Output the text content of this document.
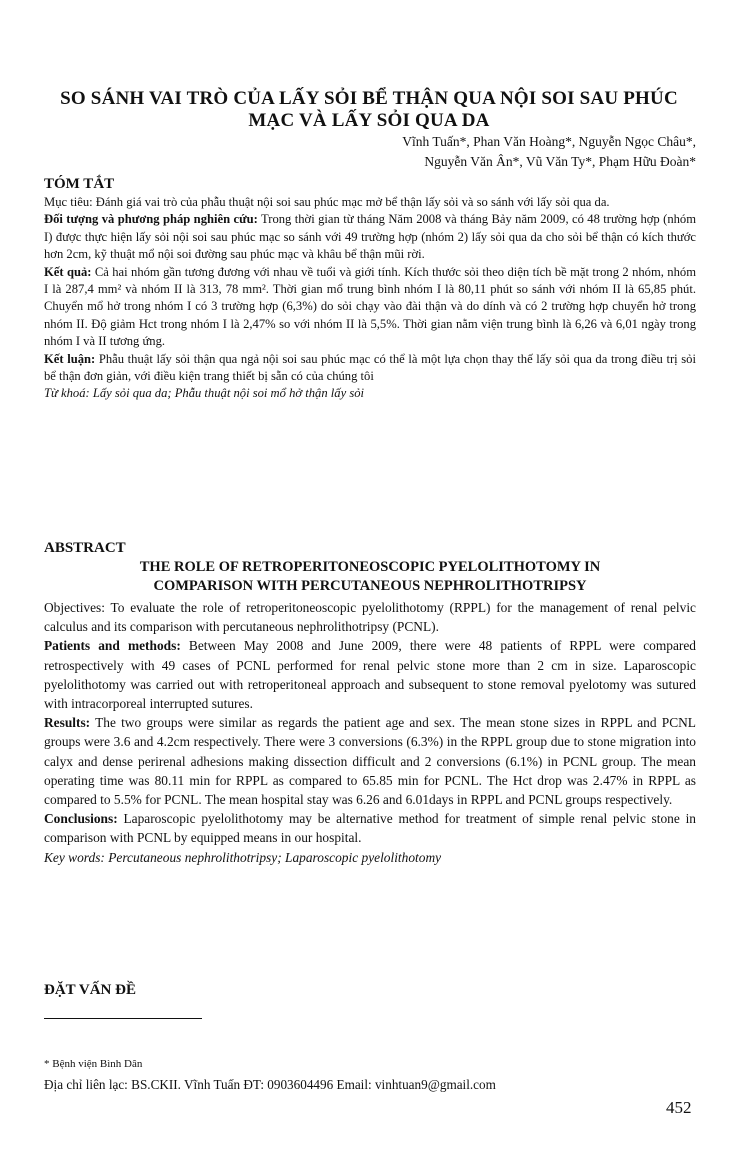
SO SÁNH VAI TRÒ CỦA LẤY SỎI BỂ THẬN QUA NỘI SOI SAU PHÚC
MẠC VÀ LẤY SỎI QUA DA
Vĩnh Tuấn*, Phan Văn Hoàng*, Nguyễn Ngọc Châu*,
Nguyễn Văn Ân*, Vũ Văn Ty*, Phạm Hữu Đoàn*
TÓM TẮT

Mục tiêu: Đánh giá vai trò của phẫu thuật nội soi sau phúc mạc mở bể thận lấy sỏi và so sánh với lấy sỏi qua da.

Đối tượng và phương pháp nghiên cứu: Trong thời gian từ tháng Năm 2008 và tháng Bảy năm 2009, có 48 trường hợp (nhóm I) được thực hiện lấy sỏi nội soi sau phúc mạc so sánh với 49 trường hợp (nhóm 2) lấy sỏi qua da cho sỏi bể thận có kích thước hơn 2cm, kỹ thuật mổ nội soi đường sau phúc mạc và khâu bể thận mũi rời.

Kết quả: Cả hai nhóm gần tương đương với nhau về tuổi và giới tính. Kích thước sỏi theo diện tích bề mặt trong 2 nhóm, nhóm I là 287,4 mm² và nhóm II là 313, 78 mm². Thời gian mổ trung bình nhóm I là 80,11 phút so sánh với nhóm II là 65,85 phút. Chuyển mổ hở trong nhóm I có 3 trường hợp (6,3%) do sỏi chạy vào đài thận và do dính và có 2 trường hợp chuyển hở trong nhóm II. Độ giảm Hct trong nhóm I là 2,47% so với nhóm II là 5,5%. Thời gian nằm viện trung bình là 6,26 và 6,01 ngày trong nhóm I và II tương ứng.

Kết luận: Phẫu thuật lấy sỏi thận qua ngả nội soi sau phúc mạc có thể là một lựa chọn thay thế lấy sỏi qua da trong điều trị sỏi bể thận đơn giản, với điều kiện trang thiết bị sẵn có của chúng tôi

Từ khoá: Lấy sỏi qua da; Phẫu thuật nội soi mổ hở thận lấy sỏi

ABSTRACT
THE ROLE OF RETROPERITONEOSCOPIC PYELOLITHOTOMY IN
COMPARISON WITH PERCUTANEOUS NEPHROLITHOTRIPSY

Objectives: To evaluate the role of retroperitoneoscopic pyelolithotomy (RPPL) for the management of renal pelvic calculus and its comparison with percutaneous nephrolithotripsy (PCNL).

Patients and methods: Between May 2008 and June 2009, there were 48 patients of RPPL were compared retrospectively with 49 cases of PCNL performed for renal pelvic stone more than 2 cm in size. Laparoscopic pyelolithotomy was carried out with retroperitoneal approach and subsequent to stone removal pyelotomy was sutured with intracorporeal interrupted sutures.

Results: The two groups were similar as regards the patient age and sex. The mean stone sizes in RPPL and PCNL groups were 3.6 and 4.2cm respectively. There were 3 conversions (6.3%) in the RPPL group due to stone migration into calyx and dense perirenal adhesions making dissection difficult and 2 conversions (6.1%) in PCNL group. The mean operating time was 80.11 min for RPPL as compared to 65.85 min for PCNL. The Hct drop was 2.47% in RPPL as compared to 5.5% for PCNL. The mean hospital stay was 6.26 and 6.01days in RPPL and PCNL groups respectively.

Conclusions: Laparoscopic pyelolithotomy may be alternative method for treatment of simple renal pelvic stone in comparison with PCNL by equipped means in our hospital.

Key words: Percutaneous nephrolithotripsy; Laparoscopic pyelolithotomy

ĐẶT VẤN ĐỀ
* Bệnh viện Bình Dân
Địa chỉ liên lạc: BS.CKII. Vĩnh Tuấn ĐT: 0903604496 Email: vinhtuan9@gmail.com
452
